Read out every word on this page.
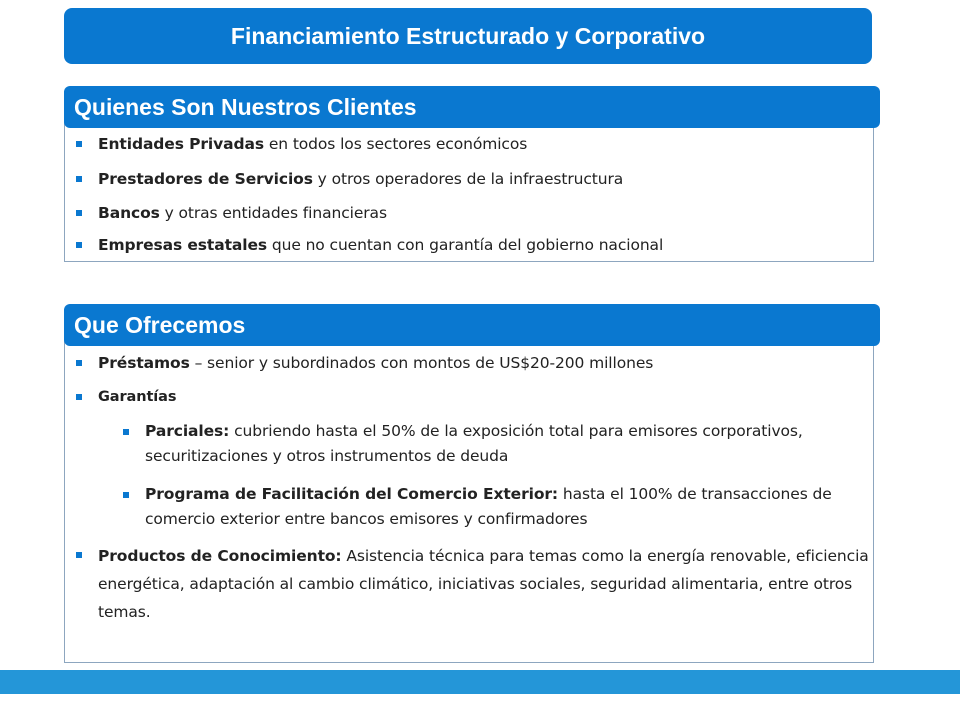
Financiamiento Estructurado y Corporativo
Quienes Son Nuestros Clientes
Entidades Privadas en todos los sectores económicos
Prestadores de Servicios y otros operadores de la infraestructura
Bancos y otras entidades financieras
Empresas estatales que no cuentan con garantía del gobierno nacional
Que Ofrecemos
Préstamos – senior y subordinados con montos de US$20-200 millones
Garantías
Parciales: cubriendo hasta el 50% de la exposición total para emisores corporativos, securitizaciones y otros instrumentos de deuda
Programa de Facilitación del Comercio Exterior: hasta el 100% de transacciones de comercio exterior entre bancos emisores y confirmadores
Productos de Conocimiento: Asistencia técnica para temas como la energía renovable, eficiencia energética, adaptación al cambio climático, iniciativas sociales, seguridad alimentaria, entre otros temas.
